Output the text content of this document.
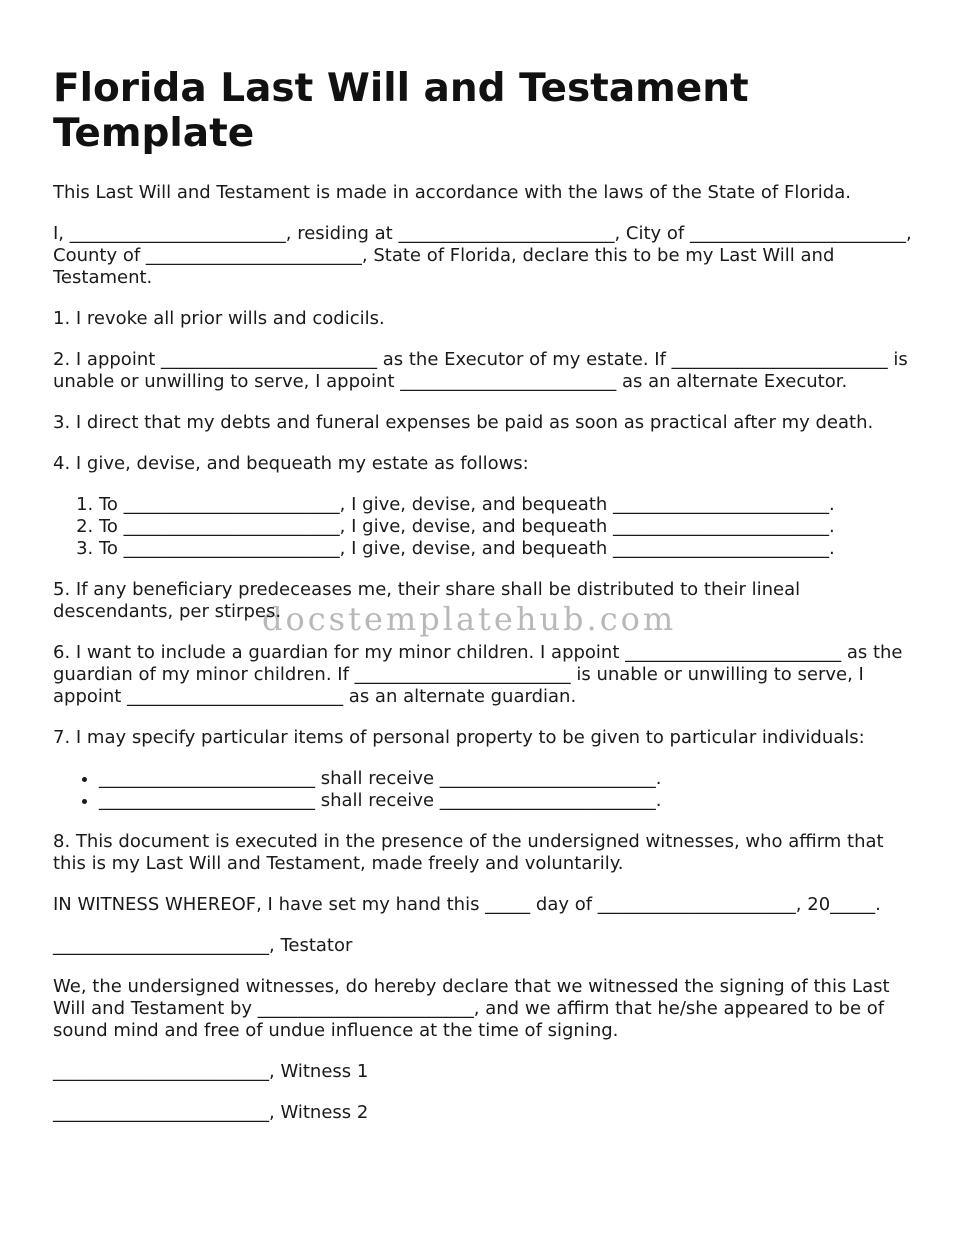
Florida Last Will and Testament Template

This Last Will and Testament is made in accordance with the laws of the State of Florida.

I, ________________________, residing at ________________________, City of ________________________, County of ________________________, State of Florida, declare this to be my Last Will and Testament.

1. I revoke all prior wills and codicils.

2. I appoint ________________________ as the Executor of my estate. If ________________________ is unable or unwilling to serve, I appoint ________________________ as an alternate Executor.

3. I direct that my debts and funeral expenses be paid as soon as practical after my death.

4. I give, devise, and bequeath my estate as follows:

1. To ________________________, I give, devise, and bequeath ________________________.
2. To ________________________, I give, devise, and bequeath ________________________.
3. To ________________________, I give, devise, and bequeath ________________________.

5. If any beneficiary predeceases me, their share shall be distributed to their lineal descendants, per stirpes.

6. I want to include a guardian for my minor children. I appoint ________________________ as the guardian of my minor children. If ________________________ is unable or unwilling to serve, I appoint ________________________ as an alternate guardian.

7. I may specify particular items of personal property to be given to particular individuals:

• ________________________ shall receive ________________________.
• ________________________ shall receive ________________________.

8. This document is executed in the presence of the undersigned witnesses, who affirm that this is my Last Will and Testament, made freely and voluntarily.

IN WITNESS WHEREOF, I have set my hand this _____ day of ______________________, 20_____.

________________________, Testator

We, the undersigned witnesses, do hereby declare that we witnessed the signing of this Last Will and Testament by ________________________, and we affirm that he/she appeared to be of sound mind and free of undue influence at the time of signing.

________________________, Witness 1

________________________, Witness 2

docstemplatehub.com
